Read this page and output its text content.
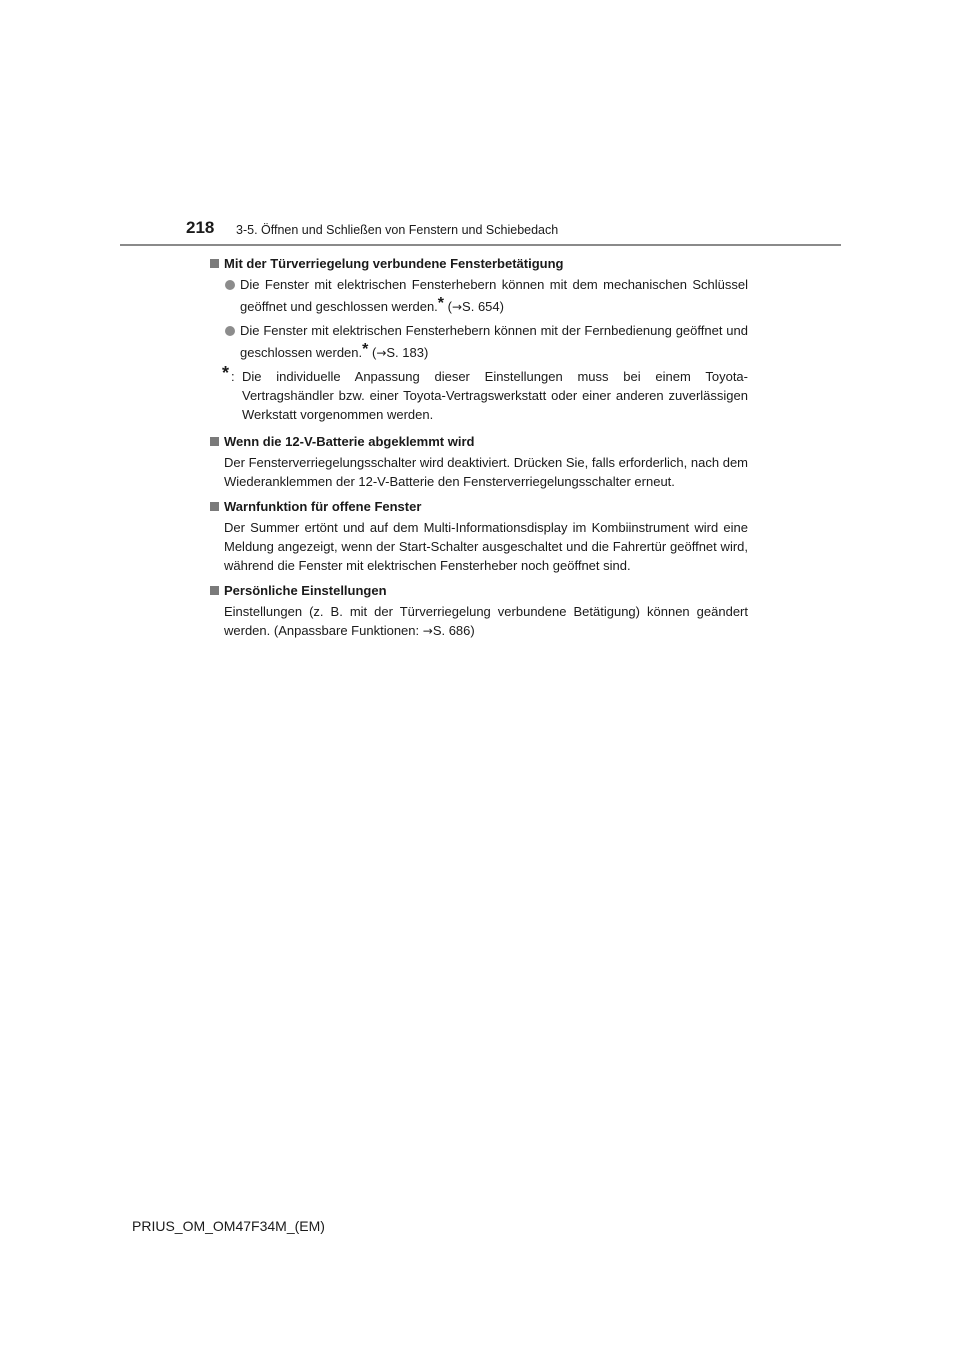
218 3-5. Öffnen und Schließen von Fenstern und Schiebedach
Mit der Türverriegelung verbundene Fensterbetätigung
Die Fenster mit elektrischen Fensterhebern können mit dem mechanischen Schlüssel geöffnet und geschlossen werden.* (→S. 654)
Die Fenster mit elektrischen Fensterhebern können mit der Fernbedienung geöffnet und geschlossen werden.* (→S. 183)
* : Die individuelle Anpassung dieser Einstellungen muss bei einem Toyota-Vertragshändler bzw. einer Toyota-Vertragswerkstatt oder einer anderen zuverlässigen Werkstatt vorgenommen werden.
Wenn die 12-V-Batterie abgeklemmt wird
Der Fensterverriegelungsschalter wird deaktiviert. Drücken Sie, falls erforderlich, nach dem Wiederanklemmen der 12-V-Batterie den Fensterverriegelungsschalter erneut.
Warnfunktion für offene Fenster
Der Summer ertönt und auf dem Multi-Informationsdisplay im Kombiinstrument wird eine Meldung angezeigt, wenn der Start-Schalter ausgeschaltet und die Fahrertür geöffnet wird, während die Fenster mit elektrischen Fensterheber noch geöffnet sind.
Persönliche Einstellungen
Einstellungen (z. B. mit der Türverriegelung verbundene Betätigung) können geändert werden. (Anpassbare Funktionen: →S. 686)
PRIUS_OM_OM47F34M_(EM)
